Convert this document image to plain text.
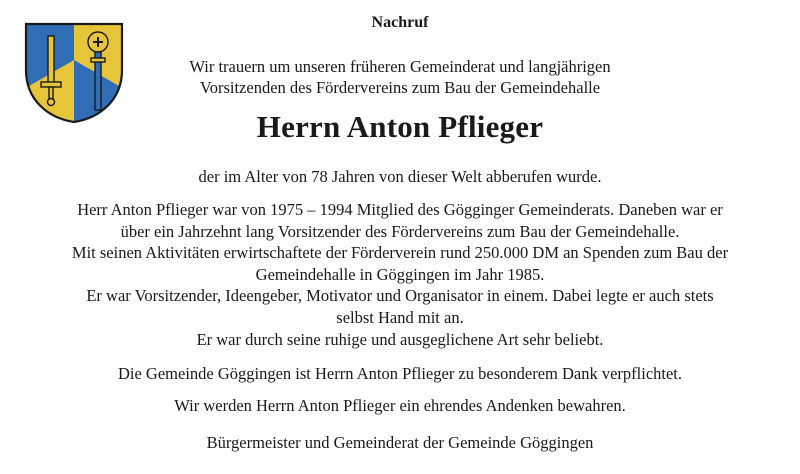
Nachruf
Wir trauern um unseren früheren Gemeinderat und langjährigen
Vorsitzenden des Fördervereins zum Bau der Gemeindehalle
Herrn Anton Pflieger
der im Alter von 78 Jahren von dieser Welt abberufen wurde.
Herr Anton Pflieger war von 1975 – 1994 Mitglied des Gögginger Gemeinderats. Daneben war er
über ein Jahrzehnt lang Vorsitzender des Fördervereins zum Bau der Gemeindehalle.
Mit seinen Aktivitäten erwirtschaftete der Förderverein rund 250.000 DM an Spenden zum Bau der
Gemeindehalle in Göggingen im Jahr 1985.
Er war Vorsitzender, Ideengeber, Motivator und Organisator in einem. Dabei legte er auch stets
selbst Hand mit an.
Er war durch seine ruhige und ausgeglichene Art sehr beliebt.
Die Gemeinde Göggingen ist Herrn Anton Pflieger zu besonderem Dank verpflichtet.
Wir werden Herrn Anton Pflieger ein ehrendes Andenken bewahren.
Bürgermeister und Gemeinderat der Gemeinde Göggingen
